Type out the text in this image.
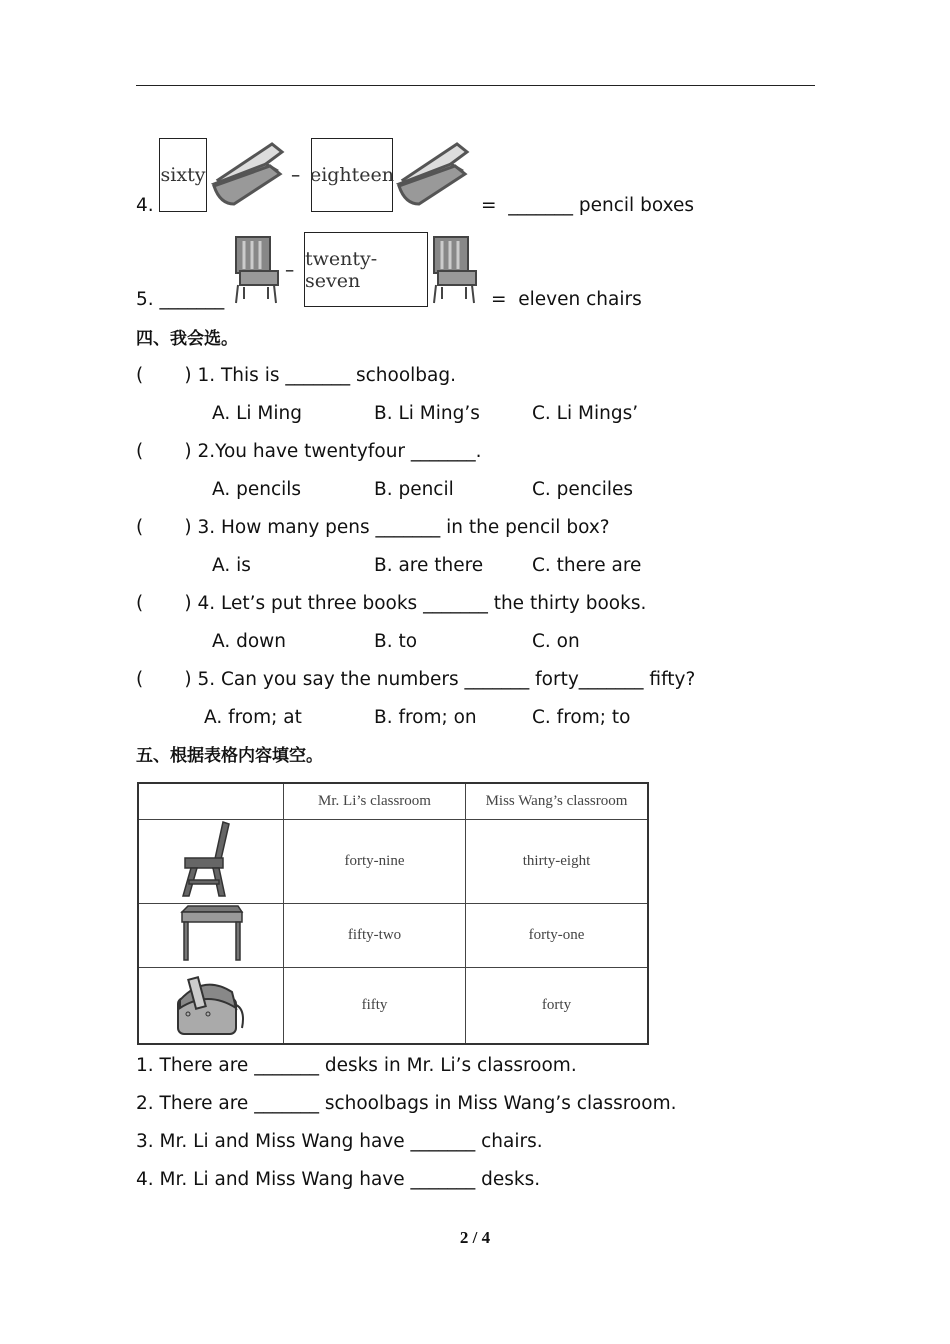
4.
sixty	– eighteen
=  _______ pencil boxes
5. _______
–
twenty-seven
=  eleven chairs
四、我会选。
(       ) 1. This is _______ schoolbag.
A. Li Ming	B. Li Ming’s	C. Li Mings’
(       ) 2.You have twentyfour _______.
A. pencils	B. pencil	C. penciles
(       ) 3. How many pens _______ in the pencil box?
A. is	B. are there	C. there are
(       ) 4. Let’s put three books _______ the thirty books.
A. down	B. to	C. on
(       ) 5. Can you say the numbers _______ forty_______ fifty?
A. from; at	B. from; on	C. from; to
五、根据表格内容填空。
	Mr. Li’s classroom	Miss Wang’s classroom
	forty-nine	thirty-eight
	fifty-two	forty-one
	fifty	forty
1. There are _______ desks in Mr. Li’s classroom.
2. There are _______ schoolbags in Miss Wang’s classroom.
3. Mr. Li and Miss Wang have _______ chairs.
4. Mr. Li and Miss Wang have _______ desks.
2 / 4
